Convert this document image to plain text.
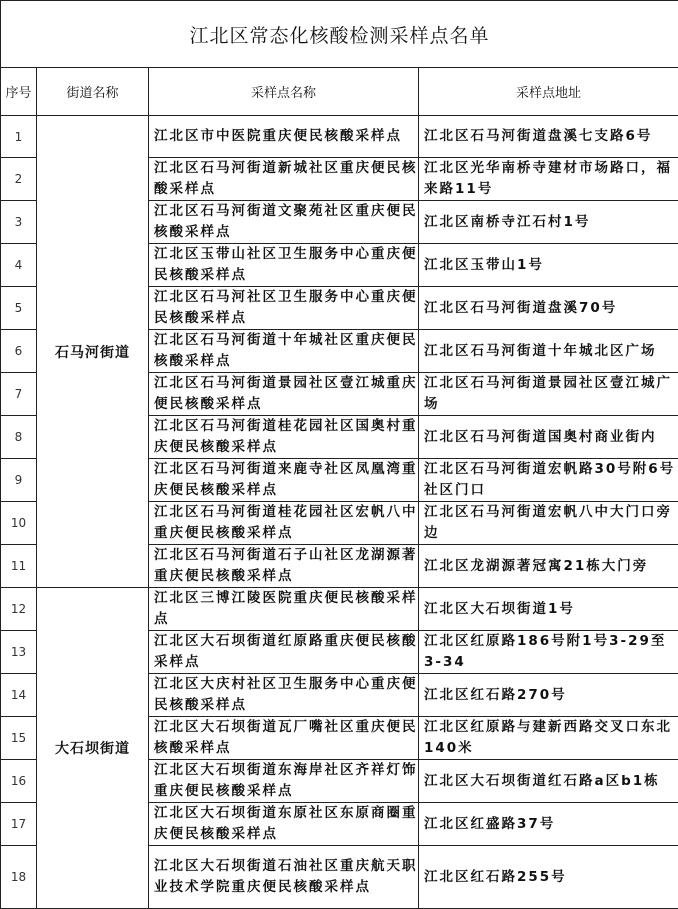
江北区常态化核酸检测采样点名单			
序号	街道名称	采样点名称	采样点地址
1	石马河街道	江北区市中医院重庆便民核酸采样点	江北区石马河街道盘溪七支路6号
2		江北区石马河街道新城社区重庆便民核酸采样点	江北区光华南桥寺建材市场路口，福来路11号
3		江北区石马河街道文聚苑社区重庆便民核酸采样点	江北区南桥寺江石村1号
4		江北区玉带山社区卫生服务中心重庆便民核酸采样点	江北区玉带山1号
5		江北区石马河社区卫生服务中心重庆便民核酸采样点	江北区石马河街道盘溪70号
6		江北区石马河街道十年城社区重庆便民核酸采样点	江北区石马河街道十年城北区广场
7		江北区石马河街道景园社区壹江城重庆便民核酸采样点	江北区石马河街道景园社区壹江城广场
8		江北区石马河街道桂花园社区国奥村重庆便民核酸采样点	江北区石马河街道国奥村商业街内
9		江北区石马河街道来鹿寺社区凤凰湾重庆便民核酸采样点	江北区石马河街道宏帆路30号附6号社区门口
10		江北区石马河街道桂花园社区宏帆八中重庆便民核酸采样点	江北区石马河街道宏帆八中大门口旁边
11		江北区石马河街道石子山社区龙湖源著重庆便民核酸采样点	江北区龙湖源著冠寓21栋大门旁
12	大石坝街道	江北区三博江陵医院重庆便民核酸采样点	江北区大石坝街道1号
13		江北区大石坝街道红原路重庆便民核酸采样点	江北区红原路186号附1号3-29至3-34
14		江北区大庆村社区卫生服务中心重庆便民核酸采样点	江北区红石路270号
15		江北区大石坝街道瓦厂嘴社区重庆便民核酸采样点	江北区红原路与建新西路交叉口东北140米
16		江北区大石坝街道东海岸社区齐祥灯饰重庆便民核酸采样点	江北区大石坝街道红石路a区b1栋
17		江北区大石坝街道东原社区东原商圈重庆便民核酸采样点	江北区红盛路37号
18		江北区大石坝街道石油社区重庆航天职业技术学院重庆便民核酸采样点	江北区红石路255号
